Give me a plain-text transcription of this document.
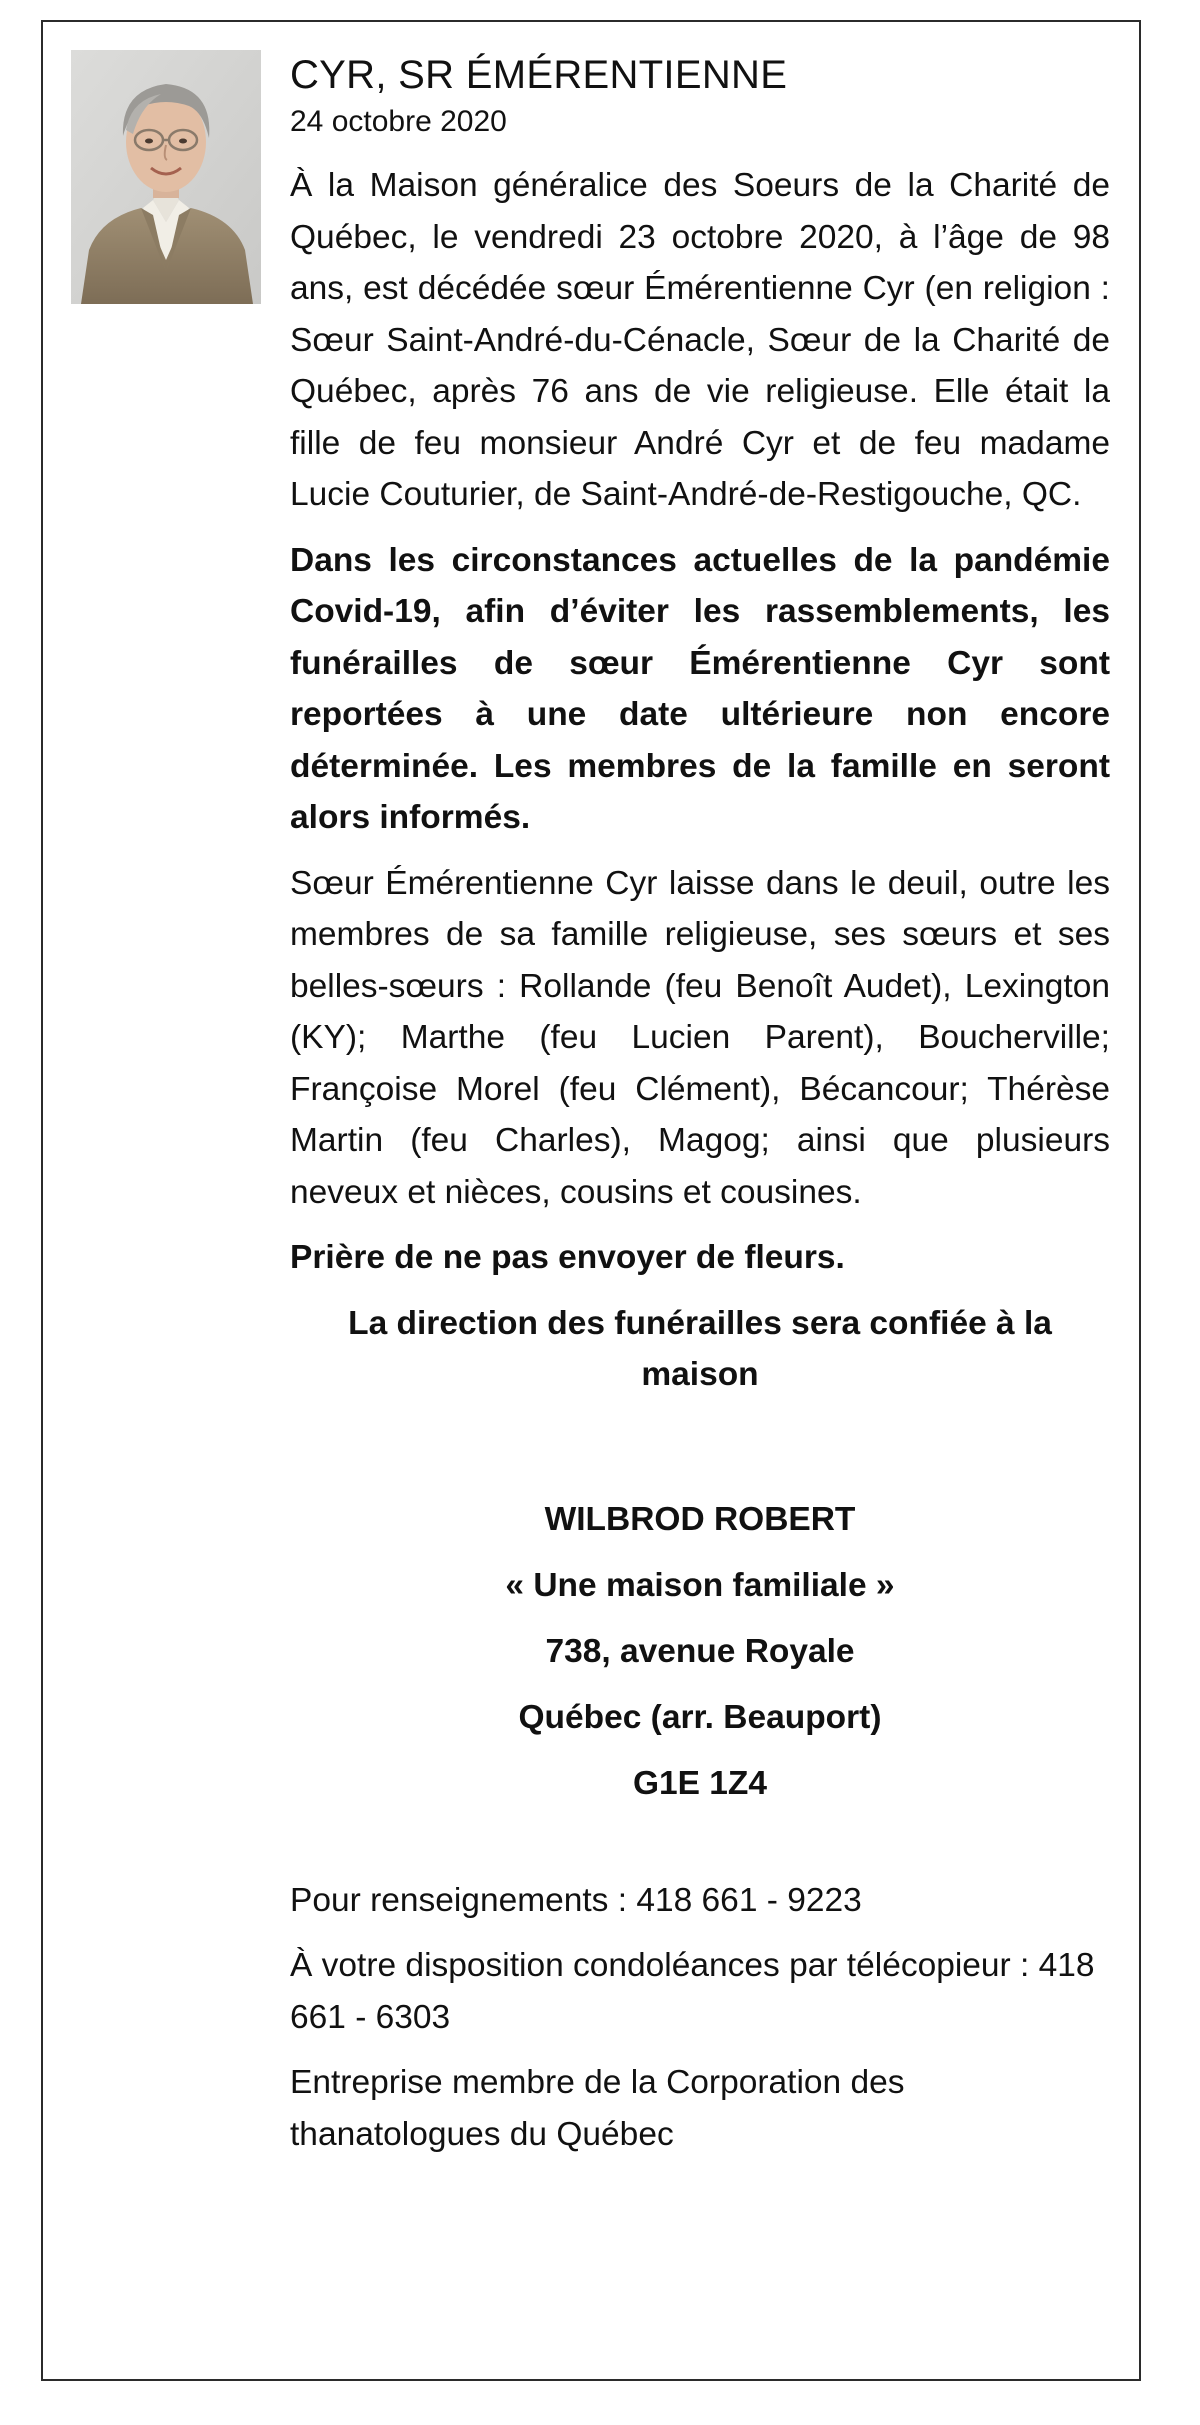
CYR, SR ÉMÉRENTIENNE
24 octobre 2020

À la Maison généralice des Soeurs de la Charité de Québec, le vendredi 23 octobre 2020, à l’âge de 98 ans, est décédée sœur Émérentienne Cyr (en religion : Sœur Saint-André-du-Cénacle, Sœur de la Charité de Québec, après 76 ans de vie religieuse. Elle était la fille de feu monsieur André Cyr et de feu madame Lucie Couturier, de Saint-André-de-Restigouche, QC.

Dans les circonstances actuelles de la pandémie Covid-19, afin d’éviter les rassemblements, les funérailles de sœur Émérentienne Cyr sont reportées à une date ultérieure non encore déterminée. Les membres de la famille en seront alors informés.

Sœur Émérentienne Cyr laisse dans le deuil, outre les membres de sa famille religieuse, ses sœurs et ses belles-sœurs : Rollande (feu Benoît Audet), Lexington (KY); Marthe (feu Lucien Parent), Boucherville; Françoise Morel (feu Clément), Bécancour; Thérèse Martin (feu Charles), Magog; ainsi que plusieurs neveux et nièces, cousins et cousines.

Prière de ne pas envoyer de fleurs.

La direction des funérailles sera confiée à la maison

WILBROD ROBERT
« Une maison familiale »
738, avenue Royale
Québec (arr. Beauport)
G1E 1Z4

Pour renseignements : 418 661 - 9223

À votre disposition condoléances par télécopieur : 418 661 - 6303

Entreprise membre de la Corporation des thanatologues du Québec
